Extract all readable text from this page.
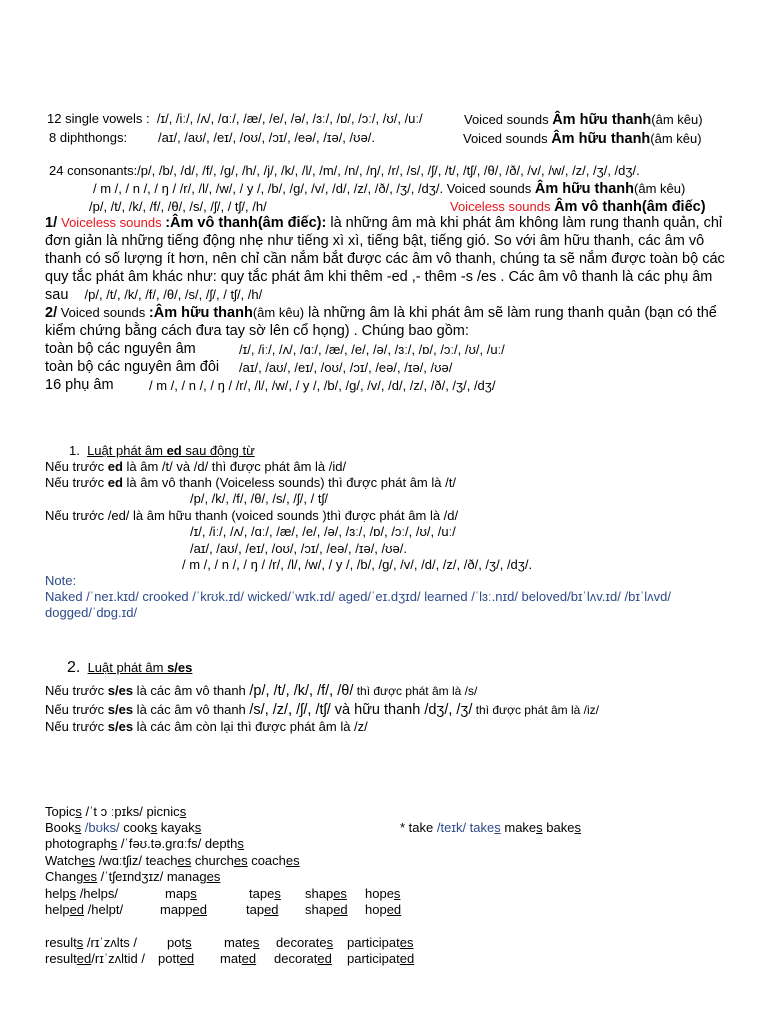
12 single vowels : /ɪ/, /iː/, /ʌ/, /ɑː/, /æ/, /e/, /ə/, /ɜː/, /ɒ/, /ɔː/, /ʊ/, /uː/	Voiced sounds Âm hữu thanh(âm kêu)
8 diphthongs: /aɪ/, /aʊ/, /eɪ/, /oʊ/, /ɔɪ/, /eə/, /ɪə/, /ʊə/.	Voiced sounds Âm hữu thanh(âm kêu)
24 consonants:/p/, /b/, /d/, /f/, /g/, /h/, /j/, /k/, /l/, /m/, /n/, /ŋ/, /r/, /s/, /ʃ/, /t/, /tʃ/, /θ/, /ð/, /v/, /w/, /z/, /ʒ/, /dʒ/.
/ m /, / n /, / ŋ / /r/, /l/, /w/, / y /, /b/, /g/, /v/, /d/, /z/, /ð/, /ʒ/, /dʒ/. Voiced sounds Âm hữu thanh(âm kêu)
/p/, /t/, /k/, /f/, /θ/, /s/, /ʃ/, / tʃ/, /h/	Voiceless sounds Âm vô thanh(âm điếc)
1/ Voiceless sounds :Âm vô thanh(âm điếc): là những âm mà khi phát âm không làm rung thanh quản, chỉ đơn giản là những tiếng động nhẹ như tiếng xì xì, tiếng bật, tiếng gió. So với âm hữu thanh, các âm vô thanh có số lượng ít hơn, nên chỉ cần nắm bắt được các âm vô thanh, chúng ta sẽ nắm được toàn bộ các quy tắc phát âm khác như: quy tắc phát âm khi thêm -ed ,- thêm -s /es . Các âm vô thanh là các phụ âm sau /p/, /t/, /k/, /f/, /θ/, /s/, /ʃ/, / tʃ/, /h/
2/ Voiced sounds :Âm hữu thanh(âm kêu) là những âm là khi phát âm sẽ làm rung thanh quản (bạn có thể kiểm chứng bằng cách đưa tay sờ lên cổ họng) . Chúng bao gồm:
toàn bộ các nguyên âm	/ɪ/, /iː/, /ʌ/, /ɑː/, /æ/, /e/, /ə/, /ɜː/, /ɒ/, /ɔː/, /ʊ/, /uː/
toàn bộ các nguyên âm đôi /aɪ/, /aʊ/, /eɪ/, /oʊ/, /ɔɪ/, /eə/, /ɪə/, /ʊə/
16 phụ âm	/ m /, / n /, / ŋ / /r/, /l/, /w/, / y /, /b/, /g/, /v/, /d/, /z/, /ð/, /ʒ/, /dʒ/
1. Luật phát âm ed sau động từ
Nếu trước ed là âm /t/ và /d/ thì được phát âm là /id/
Nếu trước ed là âm vô thanh (Voiceless sounds) thì được phát âm là /t/
/p/, /k/, /f/, /θ/, /s/, /ʃ/, / tʃ/
Nếu trước /ed/ là âm hữu thanh (voiced sounds )thì được phát âm là /d/
/ɪ/, /iː/, /ʌ/, /ɑː/, /æ/, /e/, /ə/, /ɜː/, /ɒ/, /ɔː/, /ʊ/, /uː/
/aɪ/, /aʊ/, /eɪ/, /oʊ/, /ɔɪ/, /eə/, /ɪə/, /ʊə/.
/ m /, / n /, / ŋ / /r/, /l/, /w/, / y /, /b/, /g/, /v/, /d/, /z/, /ð/, /ʒ/, /dʒ/.
Note:
Naked /ˈneɪ.kɪd/ crooked /ˈkrʊk.ɪd/ wicked/ˈwɪk.ɪd/ aged/ˈeɪ.dʒɪd/ learned /ˈlɜː.nɪd/ beloved/bɪˈlʌv.ɪd/ /bɪˈlʌvd/
dogged/ˈdɒg.ɪd/
2. Luật phát âm s/es
Nếu trước s/es là các âm vô thanh /p/, /t/, /k/, /f/, /θ/ thì được phát âm là /s/
Nếu trước s/es là các âm vô thanh /s/, /z/, /ʃ/, /tʃ/ và hữu thanh /dʒ/, /ʒ/ thì được phát âm là /iz/
Nếu trước s/es là các âm còn lại thì được phát âm là /z/
Topics /ˈt ɔ ːpɪks/ picnics
Books /bʊks/ cooks kayaks	* take /teɪk/ takes makes bakes
photographs /ˈfəʊ.tə.grɑːfs/ depths
Watches /wɑːtʃiz/ teaches churches coaches
Changes /ˈtʃeɪndʒɪz/ manages
helps /helps/	maps	tapes shapes hopes
helped /helpt/	mapped	taped shaped hoped
results /rɪˈzʌlts / pots mates decorates participates
resulted/rɪˈzʌltid / potted mated decorated participated
